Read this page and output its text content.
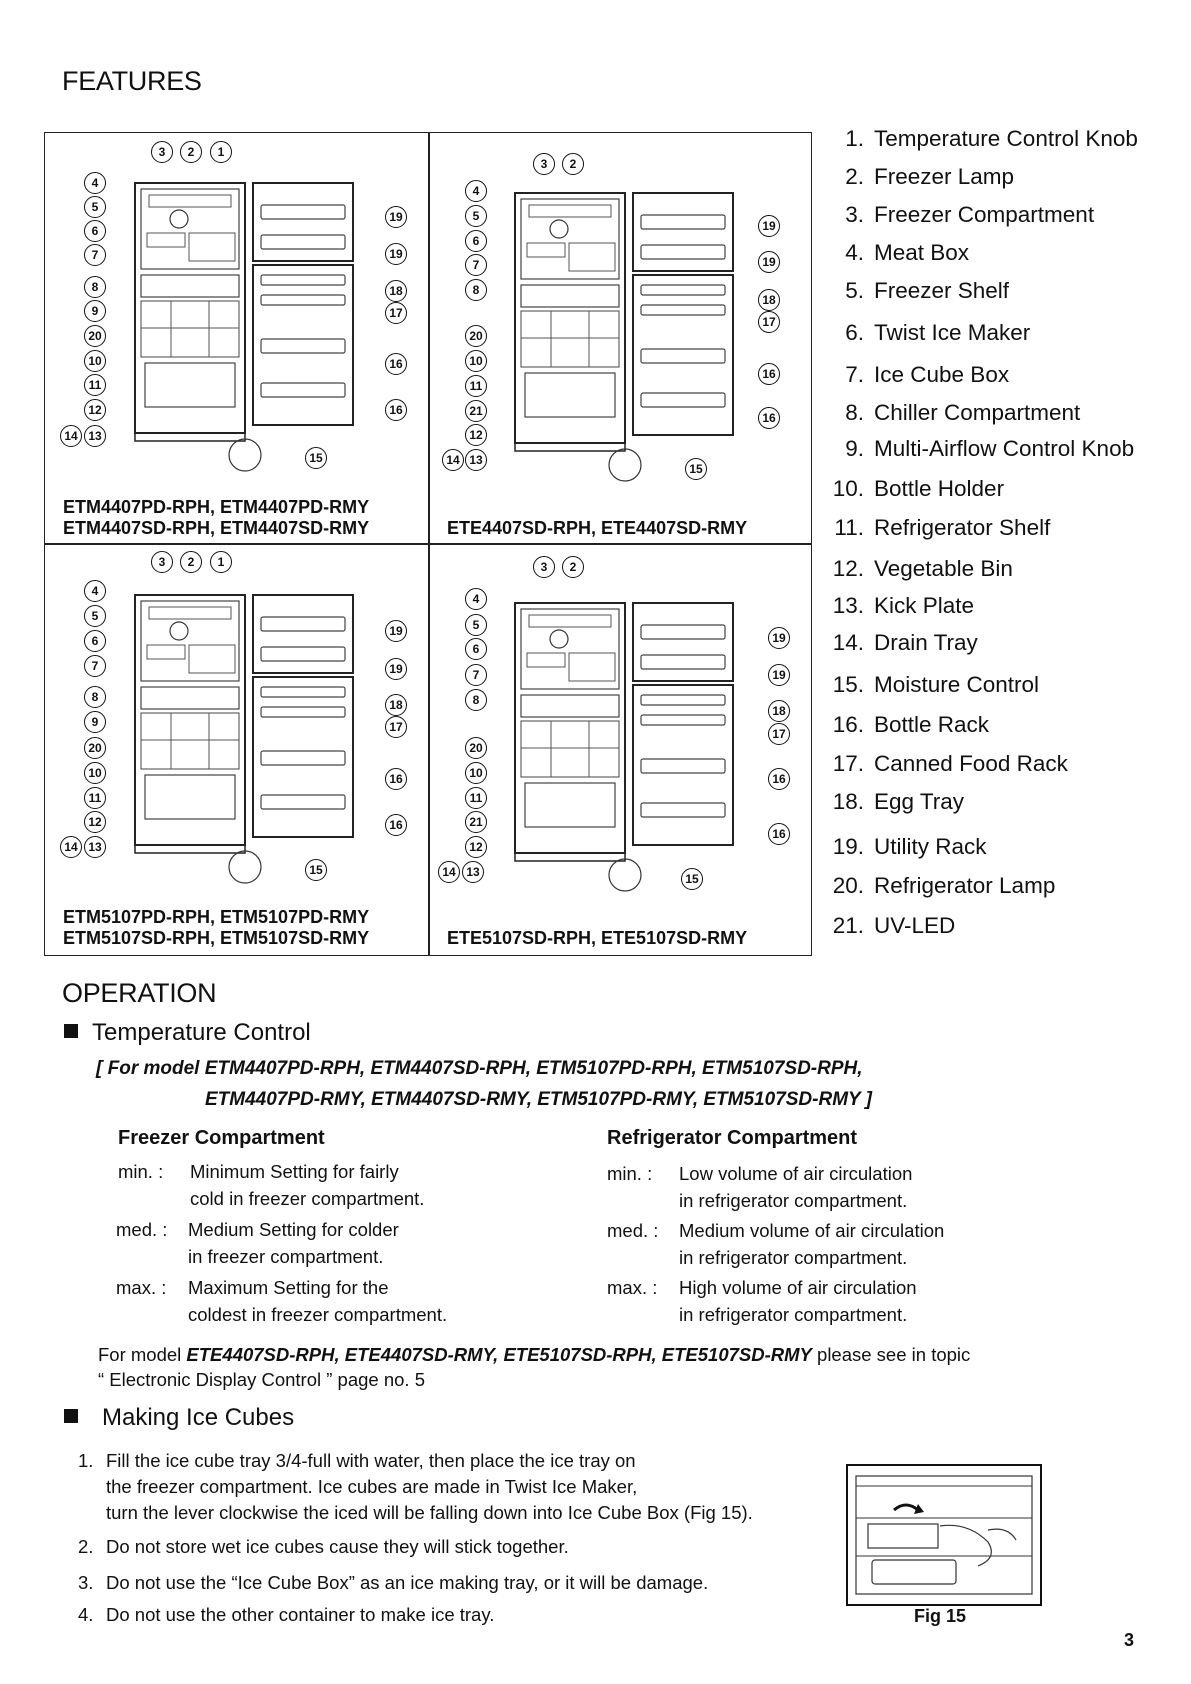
FEATURES
ETM4407PD-RPH, ETM4407PD-RMY
ETM4407SD-RPH, ETM4407SD-RMY	ETE4407SD-RPH, ETE4407SD-RMY
ETM5107PD-RPH, ETM5107PD-RMY
ETM5107SD-RPH, ETM5107SD-RMY	ETE5107SD-RPH, ETE5107SD-RMY
1. Temperature Control Knob
2. Freezer Lamp
3. Freezer Compartment
4. Meat Box
5. Freezer Shelf
6. Twist Ice Maker
7. Ice Cube Box
8. Chiller Compartment
9. Multi-Airflow Control Knob
10. Bottle Holder
11. Refrigerator Shelf
12. Vegetable Bin
13. Kick Plate
14. Drain Tray
15. Moisture Control
16. Bottle Rack
17. Canned Food Rack
18. Egg Tray
19. Utility Rack
20. Refrigerator Lamp
21. UV-LED
3	2	1
4
5
6
7
8
9
20
10
11
12
14 13
19
19
18
17
16
16
15
3	2
4
5
6
7
8
20
10
11
21
12
14 13
19
19
18
17
16
16
15
3	2	1
4
5
6
7
8
9
20
10
11
12
14 13
19
19
18
17
16
16
15
3	2
4
5
6
7
8
20
10
11
21
12
14 13
19
19
18
17
16
16
15
OPERATION
Temperature Control
[ For model ETM4407PD-RPH, ETM4407SD-RPH, ETM5107PD-RPH, ETM5107SD-RPH,
ETM4407PD-RMY, ETM4407SD-RMY, ETM5107PD-RMY, ETM5107SD-RMY ]
Freezer Compartment	Refrigerator Compartment
min. : Minimum Setting for fairly
cold in freezer compartment.
med. : Medium Setting for colder
in freezer compartment.
max. : Maximum Setting for the
coldest in freezer compartment.
min. : Low volume of air circulation
in refrigerator compartment.
med. : Medium volume of air circulation
in refrigerator compartment.
max. : High volume of air circulation
in refrigerator compartment.
For model ETE4407SD-RPH, ETE4407SD-RMY, ETE5107SD-RPH, ETE5107SD-RMY please see in topic
“ Electronic Display Control ” page no. 5
Making Ice Cubes
1. Fill the ice cube tray 3/4-full with water, then place the ice tray on
the freezer compartment. Ice cubes are made in Twist Ice Maker,
turn the lever clockwise the iced will be falling down into Ice Cube Box (Fig 15).
2. Do not store wet ice cubes cause they will stick together.
3. Do not use the “Ice Cube Box” as an ice making tray, or it will be damage.
4. Do not use the other container to make ice tray.	Fig 15
3
